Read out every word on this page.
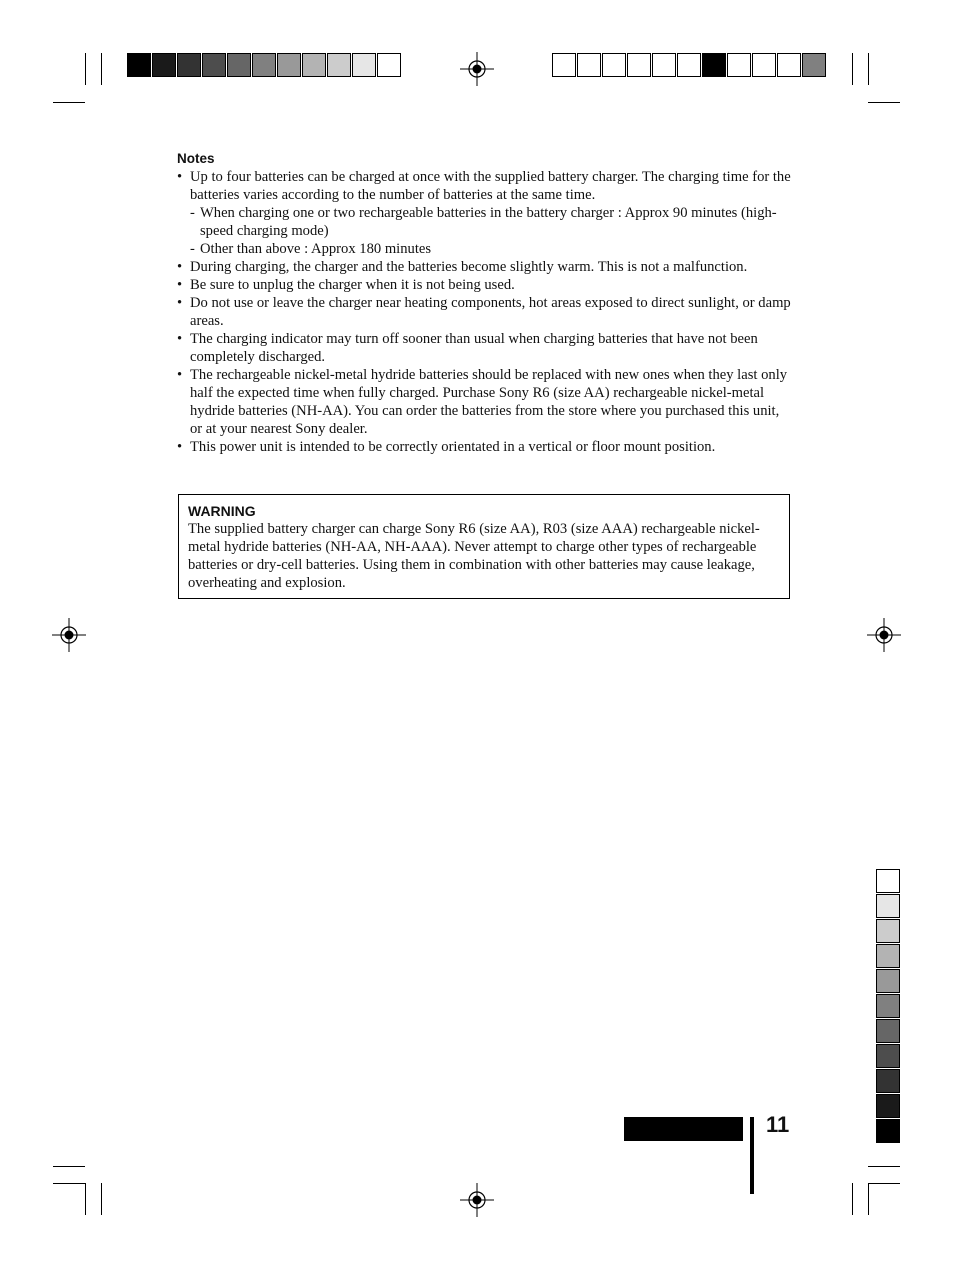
Notes

• Up to four batteries can be charged at once with the supplied battery charger. The charging time for the batteries varies according to the number of batteries at the same time.
- When charging one or two rechargeable batteries in the battery charger : Approx 90 minutes (high-speed charging mode)
- Other than above : Approx 180 minutes
• During charging, the charger and the batteries become slightly warm. This is not a malfunction.
• Be sure to unplug the charger when it is not being used.
• Do not use or leave the charger near heating components, hot areas exposed to direct sunlight, or damp areas.
• The charging indicator may turn off sooner than usual when charging batteries that have not been completely discharged.
• The rechargeable nickel-metal hydride batteries should be replaced with new ones when they last only half the expected time when fully charged. Purchase Sony R6 (size AA) rechargeable nickel-metal hydride batteries (NH-AA). You can order the batteries from the store where you purchased this unit, or at your nearest Sony dealer.
• This power unit is intended to be correctly orientated in a vertical or floor mount position.
WARNING
The supplied battery charger can charge Sony R6 (size AA), R03 (size AAA) rechargeable nickel-metal hydride batteries (NH-AA, NH-AAA). Never attempt to charge other types of rechargeable batteries or dry-cell batteries. Using them in combination with other batteries may cause leakage, overheating and explosion.
11
